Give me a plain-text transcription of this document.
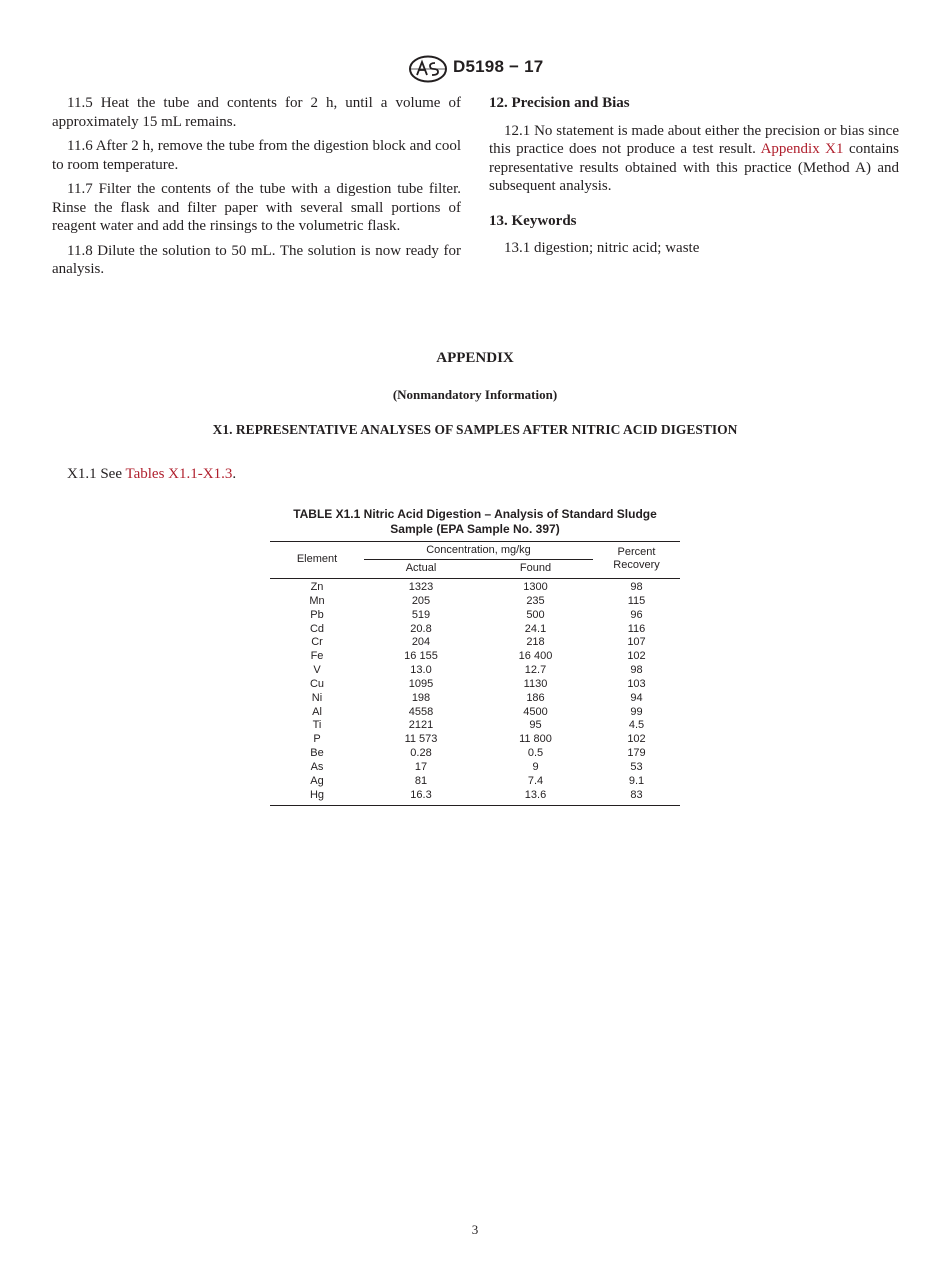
D5198 − 17

11.5 Heat the tube and contents for 2 h, until a volume of approximately 15 mL remains.

11.6 After 2 h, remove the tube from the digestion block and cool to room temperature.

11.7 Filter the contents of the tube with a digestion tube filter. Rinse the flask and filter paper with several small portions of reagent water and add the rinsings to the volumetric flask.

11.8 Dilute the solution to 50 mL. The solution is now ready for analysis.

12. Precision and Bias

12.1 No statement is made about either the precision or bias since this practice does not produce a test result. Appendix X1 contains representative results obtained with this practice (Method A) and subsequent analysis.

13. Keywords

13.1 digestion; nitric acid; waste

APPENDIX
(Nonmandatory Information)
X1. REPRESENTATIVE ANALYSES OF SAMPLES AFTER NITRIC ACID DIGESTION
X1.1 See Tables X1.1-X1.3.
TABLE X1.1 Nitric Acid Digestion – Analysis of Standard Sludge
Sample (EPA Sample No. 397)
Element
Concentration, mg/kg
Actual	Found
Percent
Recovery
Zn	1323	1300	98
Mn	205	235	115
Pb	519	500	96
Cd	20.8	24.1	116
Cr	204	218	107
Fe	16 155	16 400	102
V	13.0	12.7	98
Cu	1095	1130	103
Ni	198	186	94
Al	4558	4500	99
Ti	2121	95	4.5
P	11 573	11 800	102
Be	0.28	0.5	179
As	17	9	53
Ag	81	7.4	9.1
Hg	16.3	13.6	83
3
